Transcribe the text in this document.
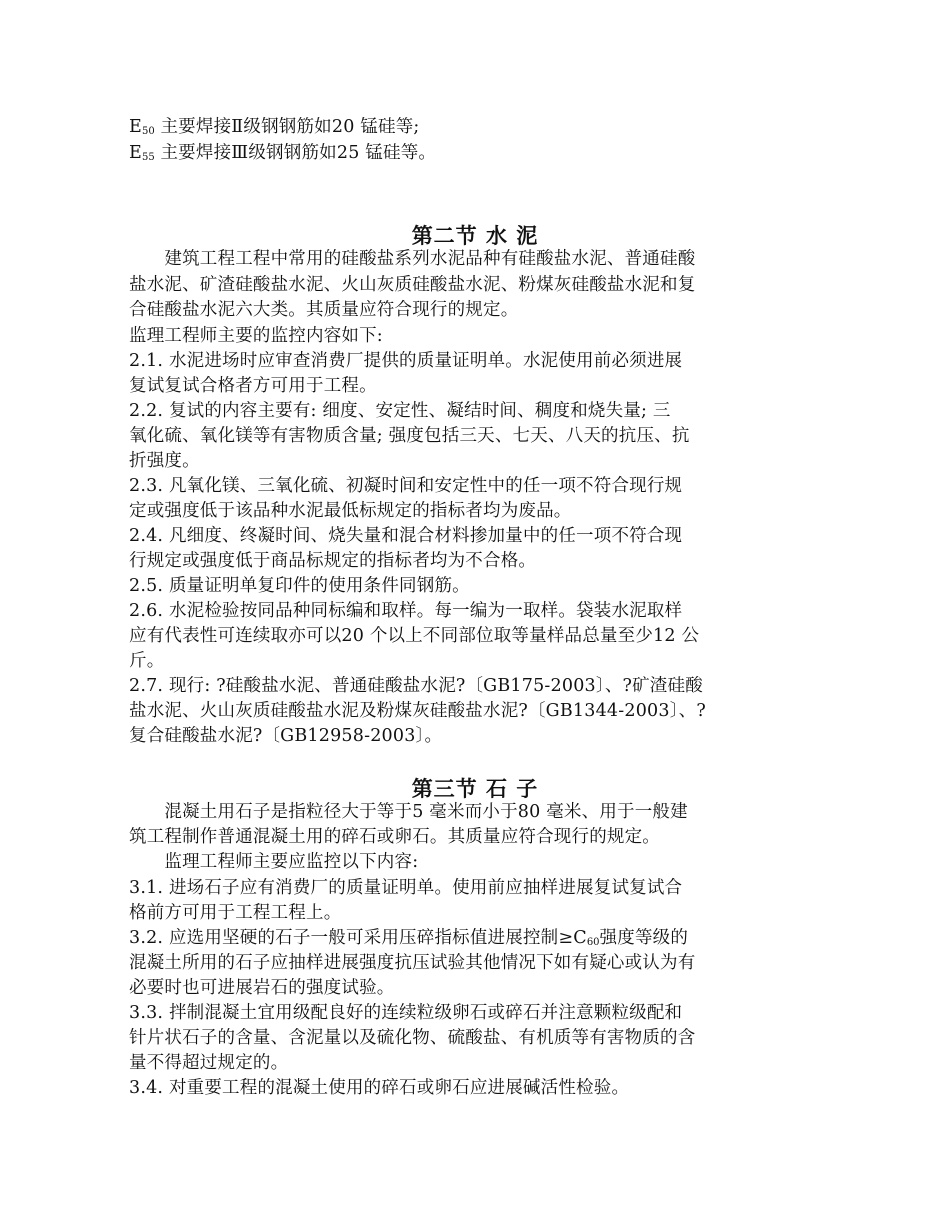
$E_{50}$ 主要焊接Ⅱ级钢钢筋如20 锰硅等;
$E_{55}$ 主要焊接Ⅲ级钢钢筋如25 锰硅等。
第二节 水 泥
　　建筑工程工程中常用的硅酸盐系列水泥品种有硅酸盐水泥、普通硅酸
盐水泥、矿渣硅酸盐水泥、火山灰质硅酸盐水泥、粉煤灰硅酸盐水泥和复
合硅酸盐水泥六大类。其质量应符合现行的规定。
监理工程师主要的监控内容如下:
2.1. 水泥进场时应审查消费厂提供的质量证明单。水泥使用前必须进展
复试复试合格者方可用于工程。
2.2. 复试的内容主要有: 细度、安定性、凝结时间、稠度和烧失量; 三
氧化硫、氧化镁等有害物质含量; 强度包括三天、七天、八天的抗压、抗
折强度。
2.3. 凡氧化镁、三氧化硫、初凝时间和安定性中的任一项不符合现行规
定或强度低于该品种水泥最低标规定的指标者均为废品。
2.4. 凡细度、终凝时间、烧失量和混合材料掺加量中的任一项不符合现
行规定或强度低于商品标规定的指标者均为不合格。
2.5. 质量证明单复印件的使用条件同钢筋。
2.6. 水泥检验按同品种同标编和取样。每一编为一取样。袋装水泥取样
应有代表性可连续取亦可以20 个以上不同部位取等量样品总量至少12 公
斤。
2.7. 现行: ?硅酸盐水泥、普通硅酸盐水泥?〔GB175-2003〕、?矿渣硅酸
盐水泥、火山灰质硅酸盐水泥及粉煤灰硅酸盐水泥?〔GB1344-2003〕、?
复合硅酸盐水泥?〔GB12958-2003〕。
第三节 石 子
　　混凝土用石子是指粒径大于等于5 毫米而小于80 毫米、用于一般建
筑工程制作普通混凝土用的碎石或卵石。其质量应符合现行的规定。
　　监理工程师主要应监控以下内容:
3.1. 进场石子应有消费厂的质量证明单。使用前应抽样进展复试复试合
格前方可用于工程工程上。
3.2. 应选用坚硬的石子一般可采用压碎指标值进展控制$\ge C_{60}$强度等级的
混凝土所用的石子应抽样进展强度抗压试验其他情况下如有疑心或认为有
必要时也可进展岩石的强度试验。
3.3. 拌制混凝土宜用级配良好的连续粒级卵石或碎石并注意颗粒级配和
针片状石子的含量、含泥量以及硫化物、硫酸盐、有机质等有害物质的含
量不得超过规定的。
3.4. 对重要工程的混凝土使用的碎石或卵石应进展碱活性检验。
